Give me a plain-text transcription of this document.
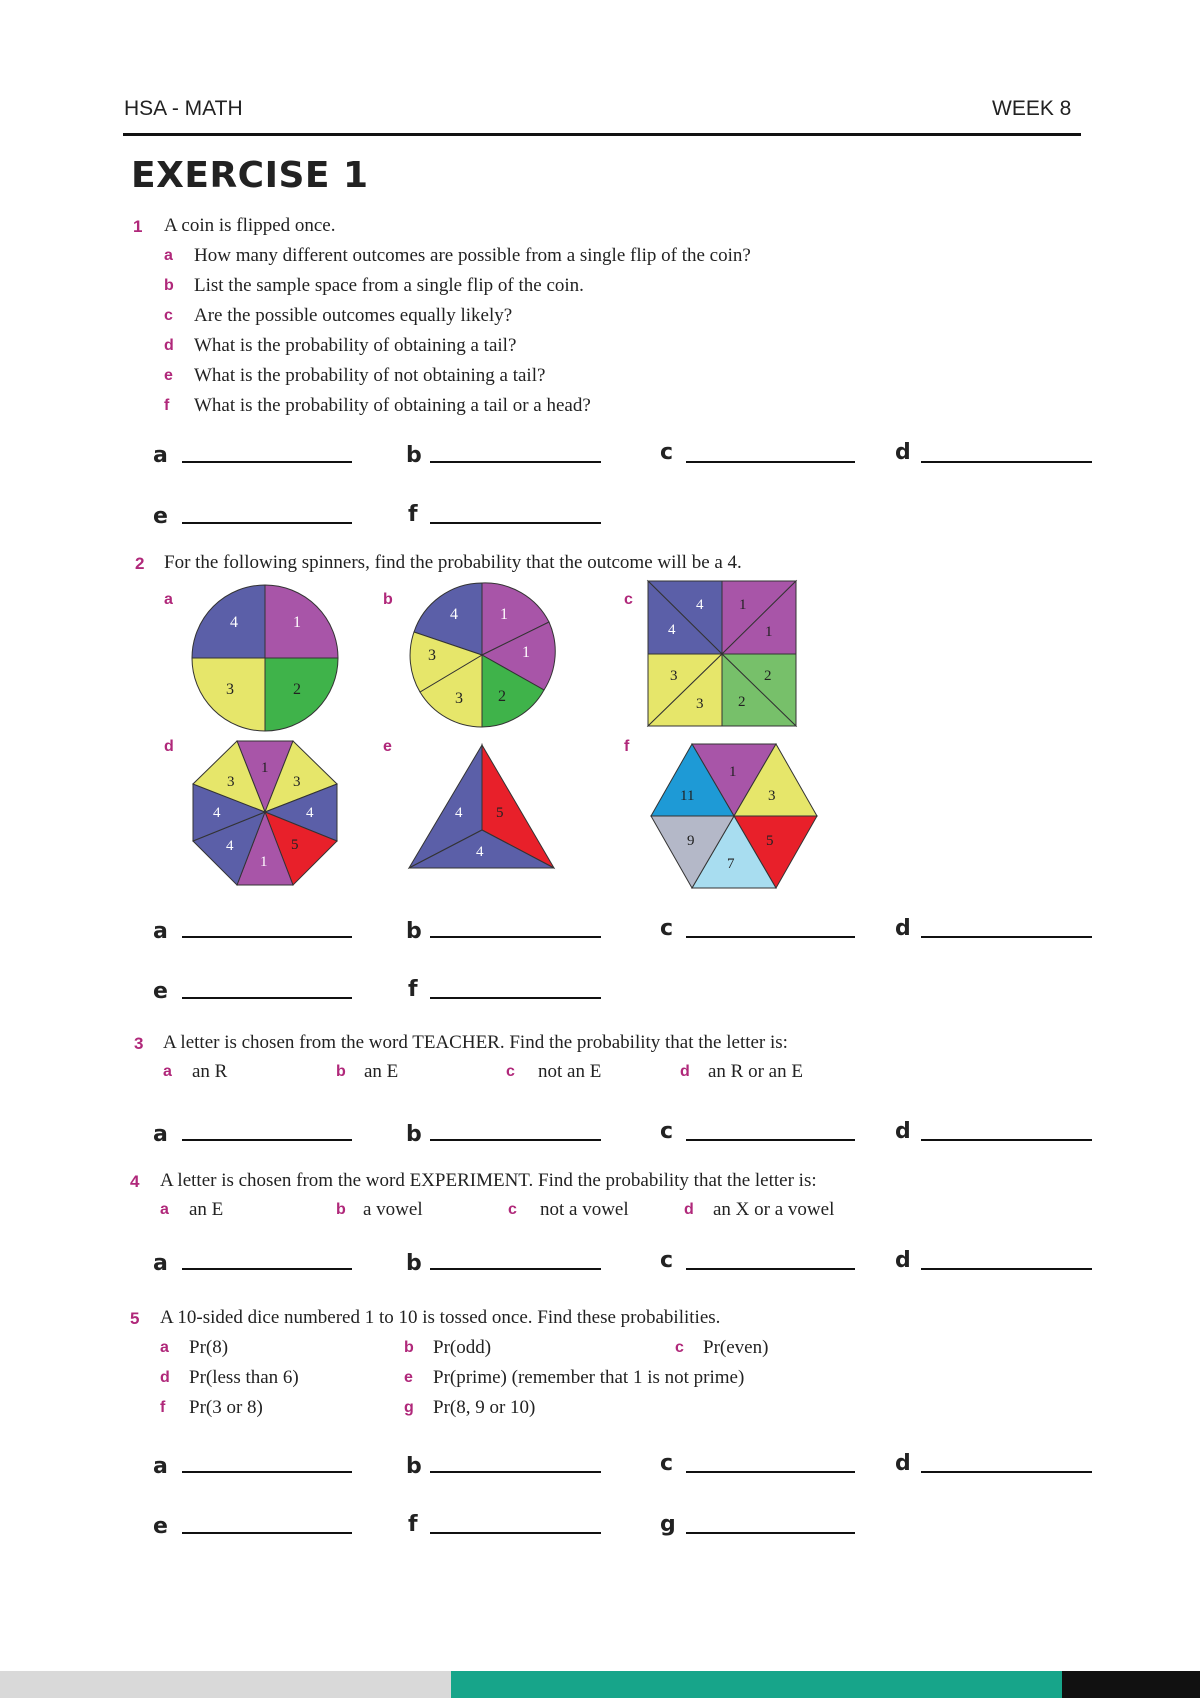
HSA - MATH	WEEK 8
EXERCISE 1
1 A coin is flipped once.
a How many different outcomes are possible from a single flip of the coin?
b List the sample space from a single flip of the coin.
c Are the possible outcomes equally likely?
d What is the probability of obtaining a tail?
e What is the probability of not obtaining a tail?
f What is the probability of obtaining a tail or a head?
a	b	c	d
e	f
2 For the following spinners, find the probability that the outcome will be a 4.
a	b	c
d	e	f
4	1
3	2
4	1
1
2
3
3
4
4
1
1
3
3
2
2
1
3
4
5
1
4
4
3
4 5
4
1
3
5
7
9
11
a	b	c	d
e	f
3 A letter is chosen from the word TEACHER. Find the probability that the letter is:
a an R	b an E	c not an E	d an R or an E
a	b	c	d
4 A letter is chosen from the word EXPERIMENT. Find the probability that the letter is:
a an E	b a vowel	c not a vowel	d an X or a vowel
a	b	c	d
5 A 10-sided dice numbered 1 to 10 is tossed once. Find these probabilities.
a Pr(8)	b Pr(odd)	c Pr(even)
d Pr(less than 6)	e Pr(prime) (remember that 1 is not prime)
f Pr(3 or 8)	g Pr(8, 9 or 10)
a	b	c	d
e	f	g
